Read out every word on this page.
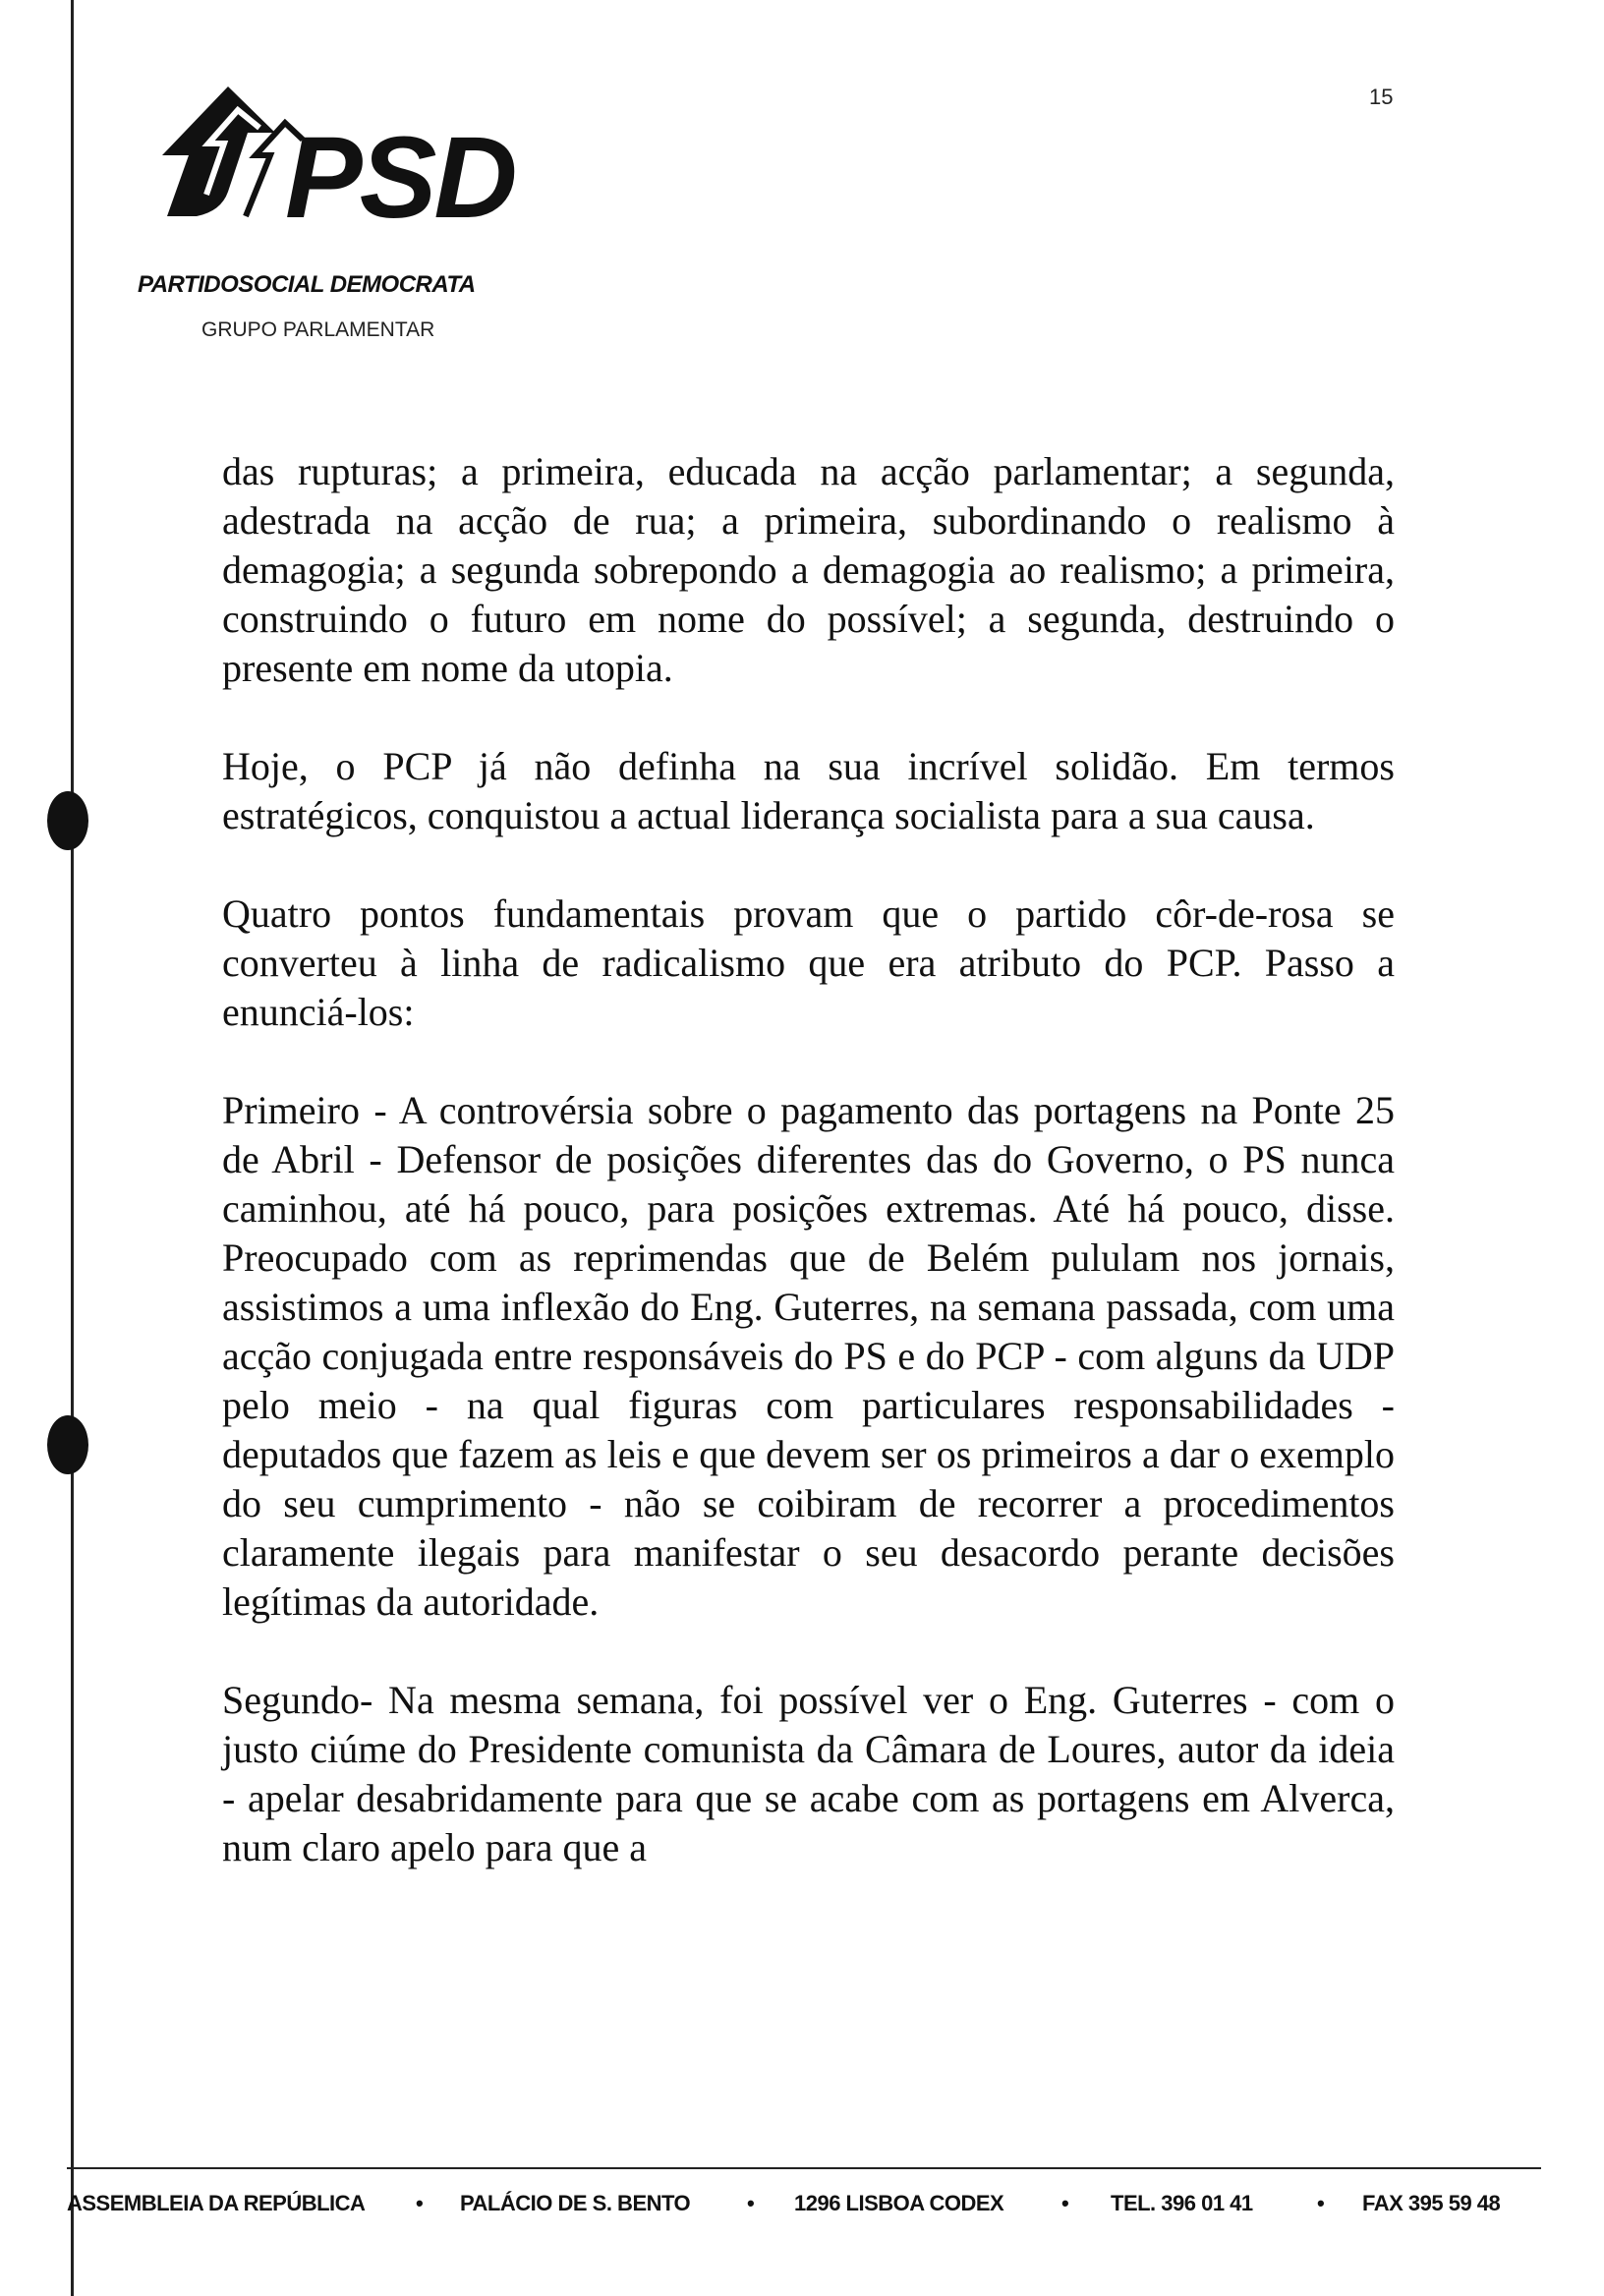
PSD
PARTIDOSOCIAL DEMOCRATA
GRUPO PARLAMENTAR
15

das rupturas; a primeira, educada na acção parlamentar; a segunda, adestrada na acção de rua; a primeira, subordinando o realismo à demagogia; a segunda sobrepondo a demagogia ao realismo; a primeira, construindo o futuro em nome do possível; a segunda, destruindo o presente em nome da utopia.

Hoje, o PCP já não definha na sua incrível solidão. Em termos estratégicos, conquistou a actual liderança socialista para a sua causa.

Quatro pontos fundamentais provam que o partido côr-de-rosa se converteu à linha de radicalismo que era atributo do PCP. Passo a enunciá-los:

Primeiro - A controvérsia sobre o pagamento das portagens na Ponte 25 de Abril - Defensor de posições diferentes das do Governo, o PS nunca caminhou, até há pouco, para posições extremas. Até há pouco, disse. Preocupado com as reprimendas que de Belém pululam nos jornais, assistimos a uma inflexão do Eng. Guterres, na semana passada, com uma acção conjugada entre responsáveis do PS e do PCP - com alguns da UDP pelo meio - na qual figuras com particulares responsabilidades - deputados que fazem as leis e que devem ser os primeiros a dar o exemplo do seu cumprimento - não se coibiram de recorrer a procedimentos claramente ilegais para manifestar o seu desacordo perante decisões legítimas da autoridade.

Segundo- Na mesma semana, foi possível ver o Eng. Guterres - com o justo ciúme do Presidente comunista da Câmara de Loures, autor da ideia - apelar desabridamente para que se acabe com as portagens em Alverca, num claro apelo para que a

ASSEMBLEIA DA REPÚBLICA • PALÁCIO DE S. BENTO	• 1296 LISBOA CODEX	• TEL. 396 01 41	• FAX 395 59 48
